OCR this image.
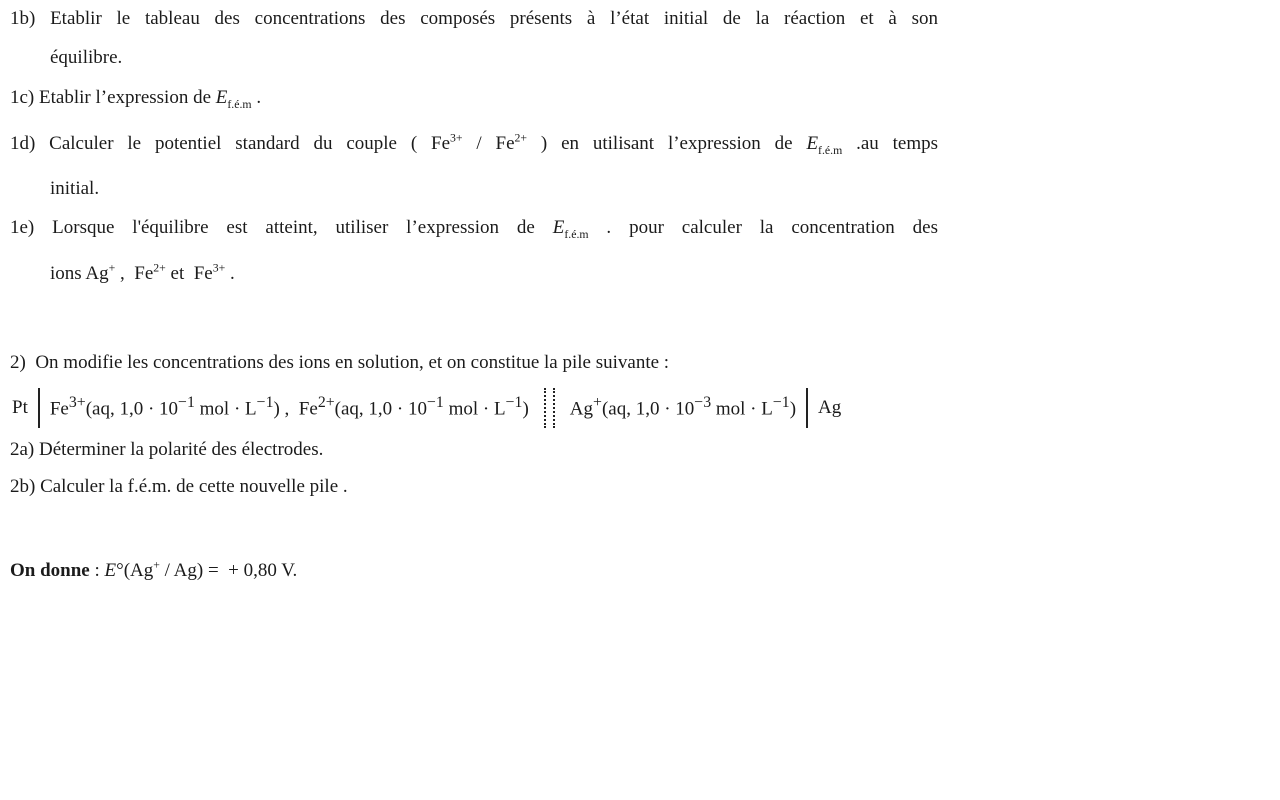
1b) Etablir le tableau des concentrations des composés présents à l’état initial de la réaction et à son
équilibre.
1c) Etablir l’expression de $E_{f.é.m}$ .
1d) Calculer le potentiel standard du couple ( $Fe^{3+} / Fe^{2+}$ ) en utilisant l’expression de $E_{f.é.m}$ .au temps
initial.
1e) Lorsque l'équilibre est atteint, utiliser l’expression de $E_{f.é.m}$ . pour calculer la concentration des
ions Ag+ ,  $Fe^{2+}$ et  $Fe^{3+}$ .
2)  On modifie les concentrations des ions en solution, et on constitue la pile suivante :
Pt $Fe^{3+}(aq$, $1,0 \cdot 10^{-1}$ mol · $L^{-1}$) ,  $Fe^{2+}(aq$, $1,0 \cdot 10^{-1}$ mol · $L^{-1}$) Ag+(aq, $1,0 \cdot 10^{-3}$ mol · $L^{-1}$) Ag
2a) Déterminer la polarité des électrodes.
2b) Calculer la f.é.m. de cette nouvelle pile .
On donne : E°(Ag+ / Ag) =  + 0,80 V.
